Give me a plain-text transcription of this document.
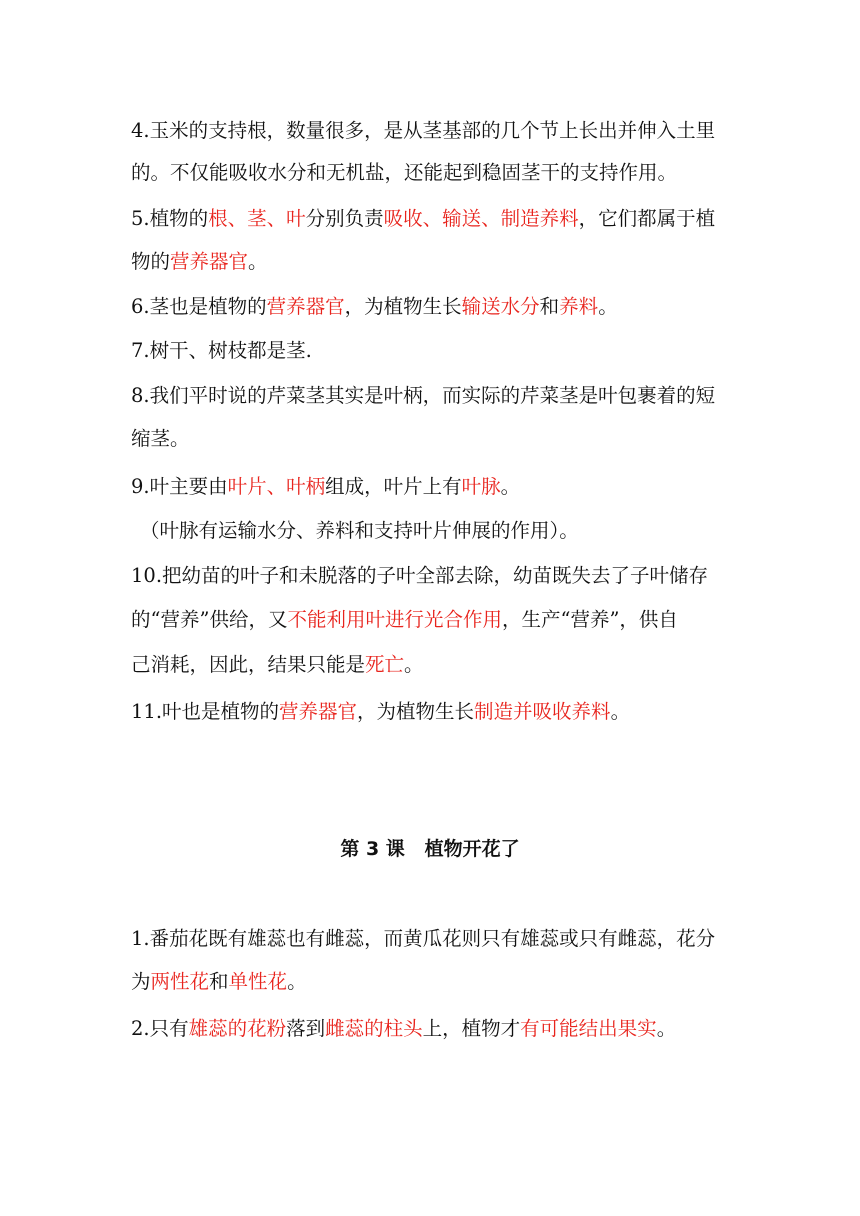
4.玉米的支持根，数量很多，是从茎基部的几个节上长出并伸入土里
的。不仅能吸收水分和无机盐，还能起到稳固茎干的支持作用。
5.植物的根、茎、叶分别负责吸收、输送、制造养料，它们都属于植
物的营养器官。
6.茎也是植物的营养器官，为植物生长输送水分和养料。
7.树干、树枝都是茎.
8.我们平时说的芹菜茎其实是叶柄，而实际的芹菜茎是叶包裹着的短
缩茎。
9.叶主要由叶片、叶柄组成，叶片上有叶脉。
（叶脉有运输水分、养料和支持叶片伸展的作用）。
10.把幼苗的叶子和未脱落的子叶全部去除，幼苗既失去了子叶储存
的“营养”供给，又不能利用叶进行光合作用，生产“营养”，供自
己消耗，因此，结果只能是死亡。
11.叶也是植物的营养器官，为植物生长制造并吸收养料。
第 3 课   植物开花了
1.番茄花既有雄蕊也有雌蕊，而黄瓜花则只有雄蕊或只有雌蕊，花分
为两性花和单性花。
2.只有雄蕊的花粉落到雌蕊的柱头上，植物才有可能结出果实。
